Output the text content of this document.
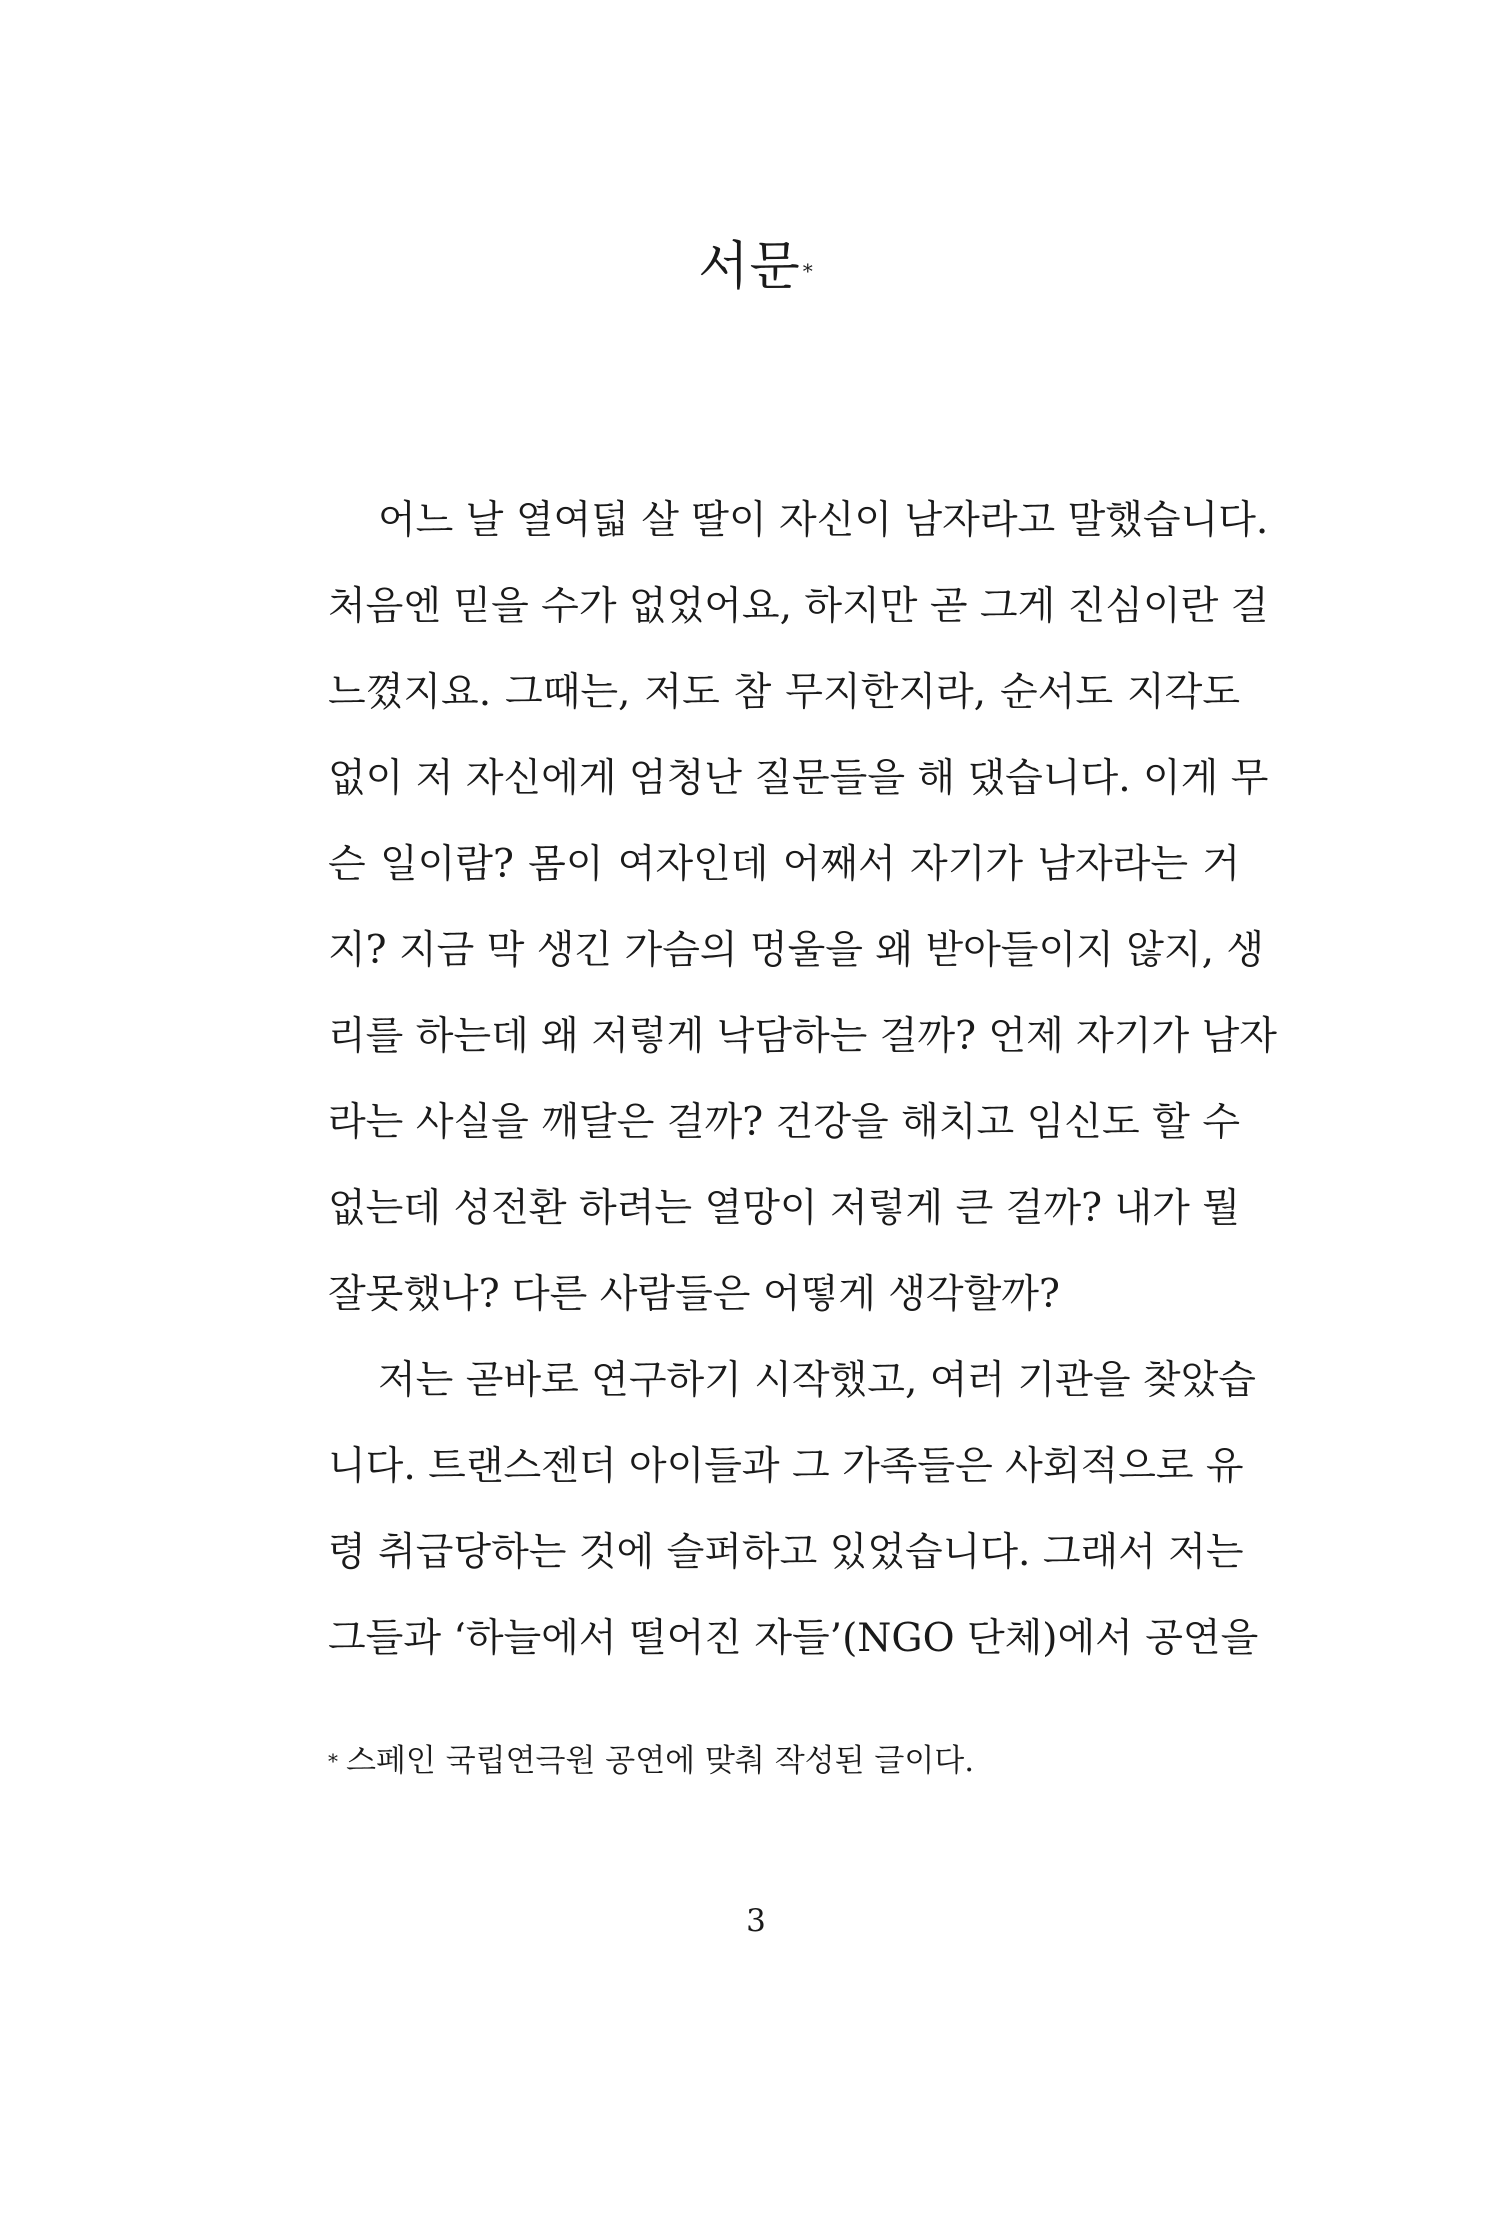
서문 *
어느 날 열여덟 살 딸이 자신이 남자라고 말했습니다.
처음엔 믿을 수가 없었어요, 하지만 곧 그게 진심이란 걸
느꼈지요. 그때는, 저도 참 무지한지라, 순서도 지각도
없이 저 자신에게 엄청난 질문들을 해 댔습니다. 이게 무
슨 일이람? 몸이 여자인데 어째서 자기가 남자라는 거
지? 지금 막 생긴 가슴의 멍울을 왜 받아들이지 않지, 생
리를 하는데 왜 저렇게 낙담하는 걸까? 언제 자기가 남자
라는 사실을 깨달은 걸까? 건강을 해치고 임신도 할 수
없는데 성전환 하려는 열망이 저렇게 큰 걸까? 내가 뭘
잘못했나? 다른 사람들은 어떻게 생각할까?
저는 곧바로 연구하기 시작했고, 여러 기관을 찾았습
니다. 트랜스젠더 아이들과 그 가족들은 사회적으로 유
령 취급당하는 것에 슬퍼하고 있었습니다. 그래서 저는
그들과 ‘하늘에서 떨어진 자들’(NGO 단체)에서 공연을
* 스페인 국립연극원 공연에 맞춰 작성된 글이다.
3
